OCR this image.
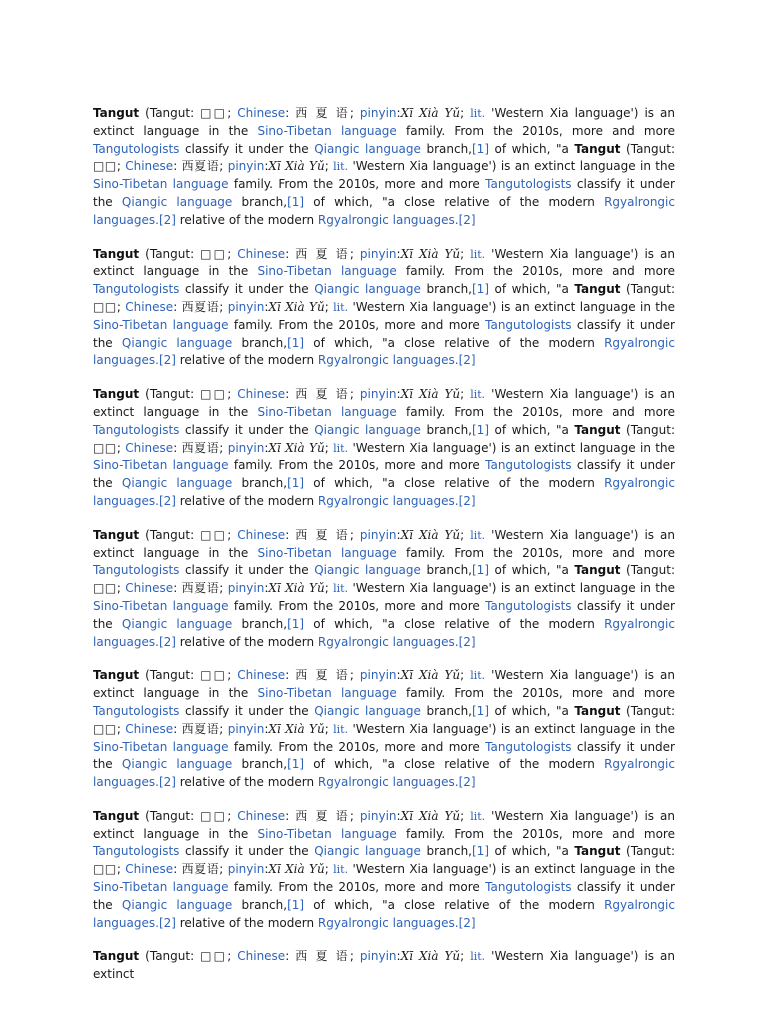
Tangut (Tangut: □□; Chinese: 西 夏 语; pinyin:Xī Xià Yǔ; lit. 'Western Xia language') is an extinct language in the Sino-Tibetan language family. From the 2010s, more and more Tangutologists classify it under the Qiangic language branch,[1] of which, "a Tangut (Tangut: □□; Chinese: 西夏语; pinyin:Xī Xià Yǔ; lit. 'Western Xia language') is an extinct language in the Sino-Tibetan language family. From the 2010s, more and more Tangutologists classify it under the Qiangic language branch,[1] of which, "a close relative of the modern Rgyalrongic languages.[2] relative of the modern Rgyalrongic languages.[2]

Tangut (Tangut: □□; Chinese: 西 夏 语; pinyin:Xī Xià Yǔ; lit. 'Western Xia language') is an extinct language in the Sino-Tibetan language family. From the 2010s, more and more Tangutologists classify it under the Qiangic language branch,[1] of which, "a Tangut (Tangut: □□; Chinese: 西夏语; pinyin:Xī Xià Yǔ; lit. 'Western Xia language') is an extinct language in the Sino-Tibetan language family. From the 2010s, more and more Tangutologists classify it under the Qiangic language branch,[1] of which, "a close relative of the modern Rgyalrongic languages.[2] relative of the modern Rgyalrongic languages.[2]

Tangut (Tangut: □□; Chinese: 西 夏 语; pinyin:Xī Xià Yǔ; lit. 'Western Xia language') is an extinct language in the Sino-Tibetan language family. From the 2010s, more and more Tangutologists classify it under the Qiangic language branch,[1] of which, "a Tangut (Tangut: □□; Chinese: 西夏语; pinyin:Xī Xià Yǔ; lit. 'Western Xia language') is an extinct language in the Sino-Tibetan language family. From the 2010s, more and more Tangutologists classify it under the Qiangic language branch,[1] of which, "a close relative of the modern Rgyalrongic languages.[2] relative of the modern Rgyalrongic languages.[2]

Tangut (Tangut: □□; Chinese: 西 夏 语; pinyin:Xī Xià Yǔ; lit. 'Western Xia language') is an extinct language in the Sino-Tibetan language family. From the 2010s, more and more Tangutologists classify it under the Qiangic language branch,[1] of which, "a Tangut (Tangut: □□; Chinese: 西夏语; pinyin:Xī Xià Yǔ; lit. 'Western Xia language') is an extinct language in the Sino-Tibetan language family. From the 2010s, more and more Tangutologists classify it under the Qiangic language branch,[1] of which, "a close relative of the modern Rgyalrongic languages.[2] relative of the modern Rgyalrongic languages.[2]

Tangut (Tangut: □□; Chinese: 西 夏 语; pinyin:Xī Xià Yǔ; lit. 'Western Xia language') is an extinct language in the Sino-Tibetan language family. From the 2010s, more and more Tangutologists classify it under the Qiangic language branch,[1] of which, "a Tangut (Tangut: □□; Chinese: 西夏语; pinyin:Xī Xià Yǔ; lit. 'Western Xia language') is an extinct language in the Sino-Tibetan language family. From the 2010s, more and more Tangutologists classify it under the Qiangic language branch,[1] of which, "a close relative of the modern Rgyalrongic languages.[2] relative of the modern Rgyalrongic languages.[2]

Tangut (Tangut: □□; Chinese: 西 夏 语; pinyin:Xī Xià Yǔ; lit. 'Western Xia language') is an extinct language in the Sino-Tibetan language family. From the 2010s, more and more Tangutologists classify it under the Qiangic language branch,[1] of which, "a Tangut (Tangut: □□; Chinese: 西夏语; pinyin:Xī Xià Yǔ; lit. 'Western Xia language') is an extinct language in the Sino-Tibetan language family. From the 2010s, more and more Tangutologists classify it under the Qiangic language branch,[1] of which, "a close relative of the modern Rgyalrongic languages.[2] relative of the modern Rgyalrongic languages.[2]

Tangut (Tangut: □□; Chinese: 西 夏 语; pinyin:Xī Xià Yǔ; lit. 'Western Xia language') is an extinct
